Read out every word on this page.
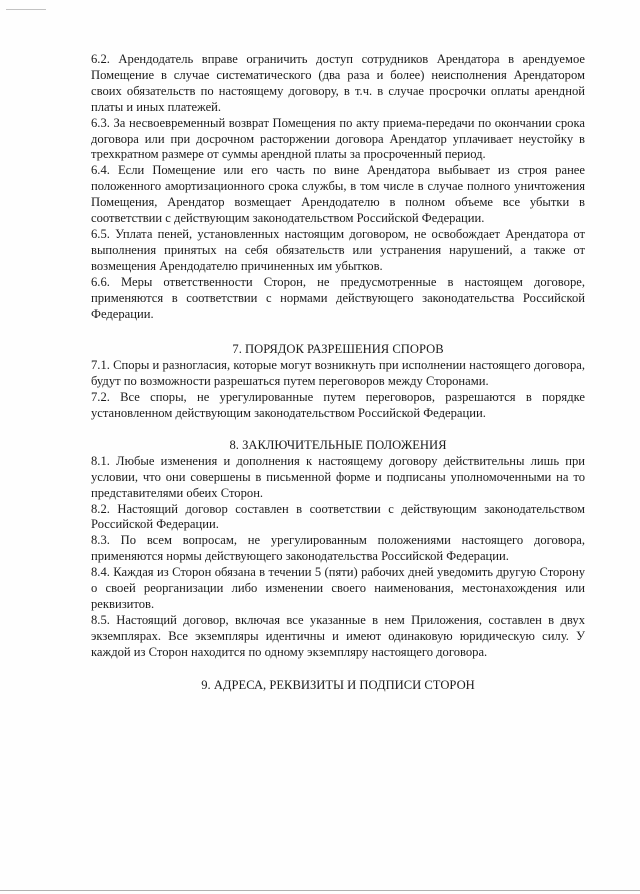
6.2. Арендодатель вправе ограничить доступ сотрудников Арендатора в арендуемое Помещение в случае систематического (два раза и более) неисполнения Арендатором своих обязательств по настоящему договору, в т.ч. в случае просрочки оплаты арендной платы и иных платежей.

6.3. За несвоевременный возврат Помещения по акту приема-передачи по окончании срока договора или при досрочном расторжении договора Арендатор уплачивает неустойку в трехкратном размере от суммы арендной платы за просроченный период.

6.4. Если Помещение или его часть по вине Арендатора выбывает из строя ранее положенного амортизационного срока службы, в том числе в случае полного уничтожения Помещения, Арендатор возмещает Арендодателю в полном объеме все убытки в соответствии с действующим законодательством Российской Федерации.

6.5. Уплата пеней, установленных настоящим договором, не освобождает Арендатора от выполнения принятых на себя обязательств или устранения нарушений, а также от возмещения Арендодателю причиненных им убытков.

6.6. Меры ответственности Сторон, не предусмотренные в настоящем договоре, применяются в соответствии с нормами действующего законодательства Российской Федерации.

7. ПОРЯДОК РАЗРЕШЕНИЯ СПОРОВ

7.1. Споры и разногласия, которые могут возникнуть при исполнении настоящего договора, будут по возможности разрешаться путем переговоров между Сторонами.

7.2. Все споры, не урегулированные путем переговоров, разрешаются в порядке установленном действующим законодательством Российской Федерации.

8. ЗАКЛЮЧИТЕЛЬНЫЕ ПОЛОЖЕНИЯ

8.1. Любые изменения и дополнения к настоящему договору действительны лишь при условии, что они совершены в письменной форме и подписаны уполномоченными на то представителями обеих Сторон.

8.2. Настоящий договор составлен в соответствии с действующим законодательством Российской Федерации.

8.3. По всем вопросам, не урегулированным положениями настоящего договора, применяются нормы действующего законодательства Российской Федерации.

8.4. Каждая из Сторон обязана в течении 5 (пяти) рабочих дней уведомить другую Сторону о своей реорганизации либо изменении своего наименования, местонахождения или реквизитов.

8.5. Настоящий договор, включая все указанные в нем Приложения, составлен в двух экземплярах. Все экземпляры идентичны и имеют одинаковую юридическую силу. У каждой из Сторон находится по одному экземпляру настоящего договора.

9. АДРЕСА, РЕКВИЗИТЫ И ПОДПИСИ СТОРОН
